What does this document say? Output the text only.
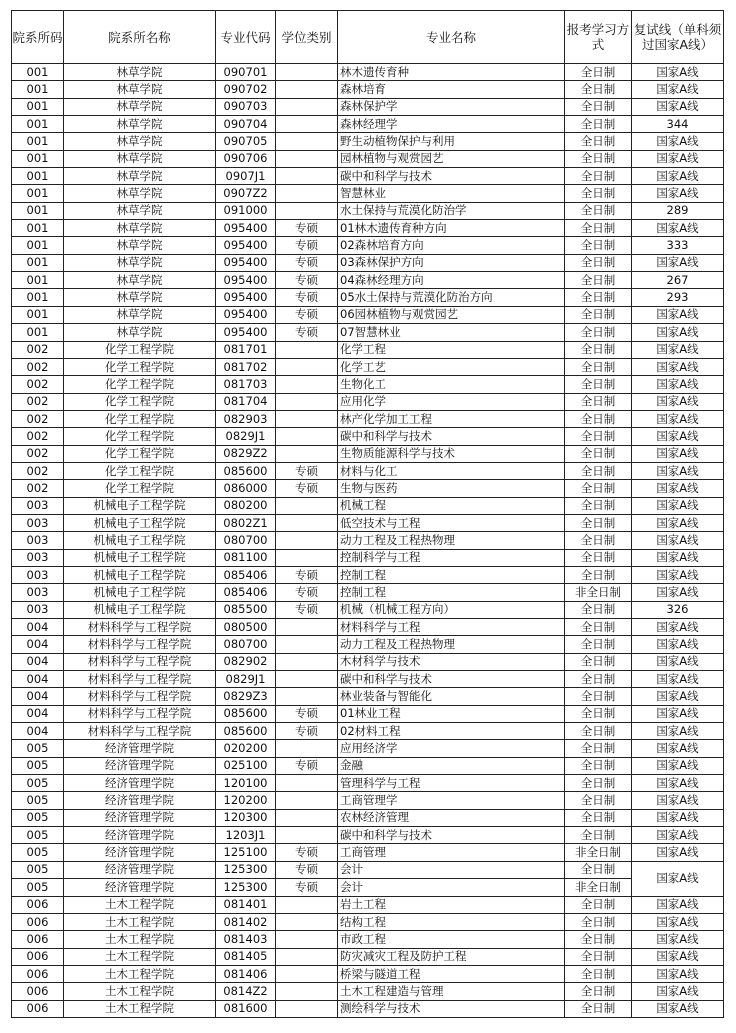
院系所码	院系所名称	专业代码	学位类别	专业名称	报考学习方式	复试线（单科须过国家A线）
001	林草学院	090701		林木遗传育种	全日制	国家A线
001	林草学院	090702		森林培育	全日制	国家A线
001	林草学院	090703		森林保护学	全日制	国家A线
001	林草学院	090704		森林经理学	全日制	344
001	林草学院	090705		野生动植物保护与利用	全日制	国家A线
001	林草学院	090706		园林植物与观赏园艺	全日制	国家A线
001	林草学院	0907J1		碳中和科学与技术	全日制	国家A线
001	林草学院	0907Z2		智慧林业	全日制	国家A线
001	林草学院	091000		水土保持与荒漠化防治学	全日制	289
001	林草学院	095400	专硕	01林木遗传育种方向	全日制	国家A线
001	林草学院	095400	专硕	02森林培育方向	全日制	333
001	林草学院	095400	专硕	03森林保护方向	全日制	国家A线
001	林草学院	095400	专硕	04森林经理方向	全日制	267
001	林草学院	095400	专硕	05水土保持与荒漠化防治方向	全日制	293
001	林草学院	095400	专硕	06园林植物与观赏园艺	全日制	国家A线
001	林草学院	095400	专硕	07智慧林业	全日制	国家A线
002	化学工程学院	081701		化学工程	全日制	国家A线
002	化学工程学院	081702		化学工艺	全日制	国家A线
002	化学工程学院	081703		生物化工	全日制	国家A线
002	化学工程学院	081704		应用化学	全日制	国家A线
002	化学工程学院	082903		林产化学加工工程	全日制	国家A线
002	化学工程学院	0829J1		碳中和科学与技术	全日制	国家A线
002	化学工程学院	0829Z2		生物质能源科学与技术	全日制	国家A线
002	化学工程学院	085600	专硕	材料与化工	全日制	国家A线
002	化学工程学院	086000	专硕	生物与医药	全日制	国家A线
003	机械电子工程学院	080200		机械工程	全日制	国家A线
003	机械电子工程学院	0802Z1		低空技术与工程	全日制	国家A线
003	机械电子工程学院	080700		动力工程及工程热物理	全日制	国家A线
003	机械电子工程学院	081100		控制科学与工程	全日制	国家A线
003	机械电子工程学院	085406	专硕	控制工程	全日制	国家A线
003	机械电子工程学院	085406	专硕	控制工程	非全日制	国家A线
003	机械电子工程学院	085500	专硕	机械（机械工程方向）	全日制	326
004	材料科学与工程学院	080500		材料科学与工程	全日制	国家A线
004	材料科学与工程学院	080700		动力工程及工程热物理	全日制	国家A线
004	材料科学与工程学院	082902		木材科学与技术	全日制	国家A线
004	材料科学与工程学院	0829J1		碳中和科学与技术	全日制	国家A线
004	材料科学与工程学院	0829Z3		林业装备与智能化	全日制	国家A线
004	材料科学与工程学院	085600	专硕	01林业工程	全日制	国家A线
004	材料科学与工程学院	085600	专硕	02材料工程	全日制	国家A线
005	经济管理学院	020200		应用经济学	全日制	国家A线
005	经济管理学院	025100	专硕	金融	全日制	国家A线
005	经济管理学院	120100		管理科学与工程	全日制	国家A线
005	经济管理学院	120200		工商管理学	全日制	国家A线
005	经济管理学院	120300		农林经济管理	全日制	国家A线
005	经济管理学院	1203J1		碳中和科学与技术	全日制	国家A线
005	经济管理学院	125100	专硕	工商管理	非全日制	国家A线
005	经济管理学院	125300	专硕	会计	全日制	国家A线
005	经济管理学院	125300	专硕	会计	非全日制	
006	土木工程学院	081401		岩土工程	全日制	国家A线
006	土木工程学院	081402		结构工程	全日制	国家A线
006	土木工程学院	081403		市政工程	全日制	国家A线
006	土木工程学院	081405		防灾减灾工程及防护工程	全日制	国家A线
006	土木工程学院	081406		桥梁与隧道工程	全日制	国家A线
006	土木工程学院	0814Z2		土木工程建造与管理	全日制	国家A线
006	土木工程学院	081600		测绘科学与技术	全日制	国家A线
